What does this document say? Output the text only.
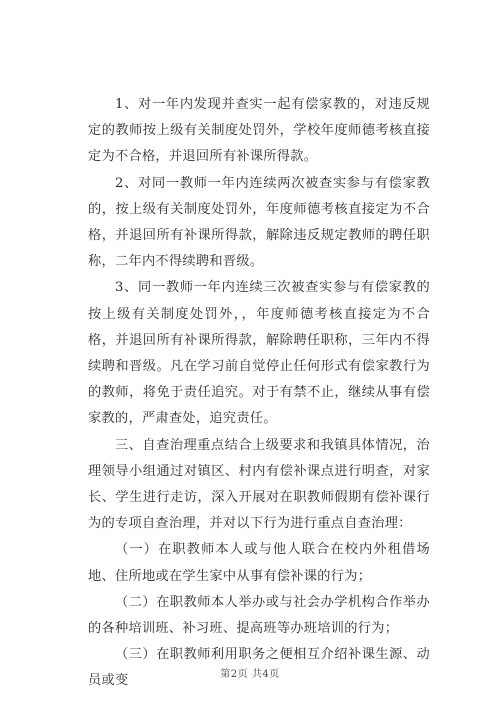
1、对一年内发现并查实一起有偿家教的，对违反规定的教师按上级有关制度处罚外，学校年度师德考核直接定为不合格，并退回所有补课所得款。

2、对同一教师一年内连续两次被查实参与有偿家教的，按上级有关制度处罚外，年度师德考核直接定为不合格，并退回所有补课所得款，解除违反规定教师的聘任职称，二年内不得续聘和晋级。

3、同一教师一年内连续三次被查实参与有偿家教的按上级有关制度处罚外，，年度师德考核直接定为不合格，并退回所有补课所得款，解除聘任职称，三年内不得续聘和晋级。凡在学习前自觉停止任何形式有偿家教行为的教师，将免于责任追究。对于有禁不止，继续从事有偿家教的，严肃查处，追究责任。

三、自查治理重点结合上级要求和我镇具体情况，治理领导小组通过对镇区、村内有偿补课点进行明查，对家长、学生进行走访，深入开展对在职教师假期有偿补课行为的专项自查治理，并对以下行为进行重点自查治理：

（一）在职教师本人或与他人联合在校内外租借场地、住所地或在学生家中从事有偿补课的行为；

（二）在职教师本人举办或与社会办学机构合作举办的各种培训班、补习班、提高班等办班培训的行为；

（三）在职教师利用职务之便相互介绍补课生源、动员或变	第2页 共4页
